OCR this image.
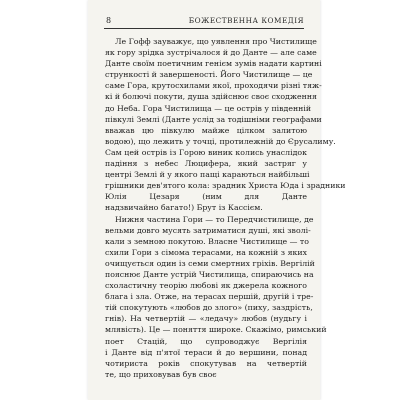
8	БОЖЕСТВЕННА КОМЕДІЯ
Ле Гофф зауважує, що уявлення про Чистилище
як гору зрідка зустрічалося й до Данте — але саме
Данте своїм поетичним генієм зумів надати картині
стрункості й завершеності. Його Чистилище — це
саме Гора, крутосхилами якої, проходячи різні тяж-
кі й болючі покути, душа здійснює своє сходження
до Неба. Гора Чистилища — це острів у південній
півкулі Землі (Данте услід за тодішніми географами
вважав цю півкулю майже цілком залитою
водою), що лежить у точці, протилежній до Єрусалиму.
Сам цей острів із Горою виник колись унаслідок
падіння з небес Люцифера, який застряг у
центрі Землі й у якого пащі караються найбільші
грішники дев'ятого кола: зрадник Христа Юда і зрадники
Юлія Цезаря (ним для Данте
надзвичайно багато!) Брут із Кассієм.
Нижня частина Гори — то Передчистилище, де
вельми довго мусять затриматися душі, які зволі-
кали з земною покутою. Власне Чистилище — то
схили Гори з сімома терасами, на кожній з яких
очищується один із семи смертних гріхів. Вергілій
пояснює Данте устрій Чистилища, спираючись на
схоластичну теорію любові як джерела кожного
блага і зла. Отже, на терасах першій, другій і тре-
тій спокутують «любов до злого» (пиху, заздрість,
гнів). На четвертій — «ледачу» любов (нудьгу і
млявість). Це — поняття широке. Скажімо, римський
поет Стацій, що супроводжує Вергілія
і Данте від п'ятої тераси й до вершини, понад
чотириста років спокутував на четвертій
те, що приховував був своє
